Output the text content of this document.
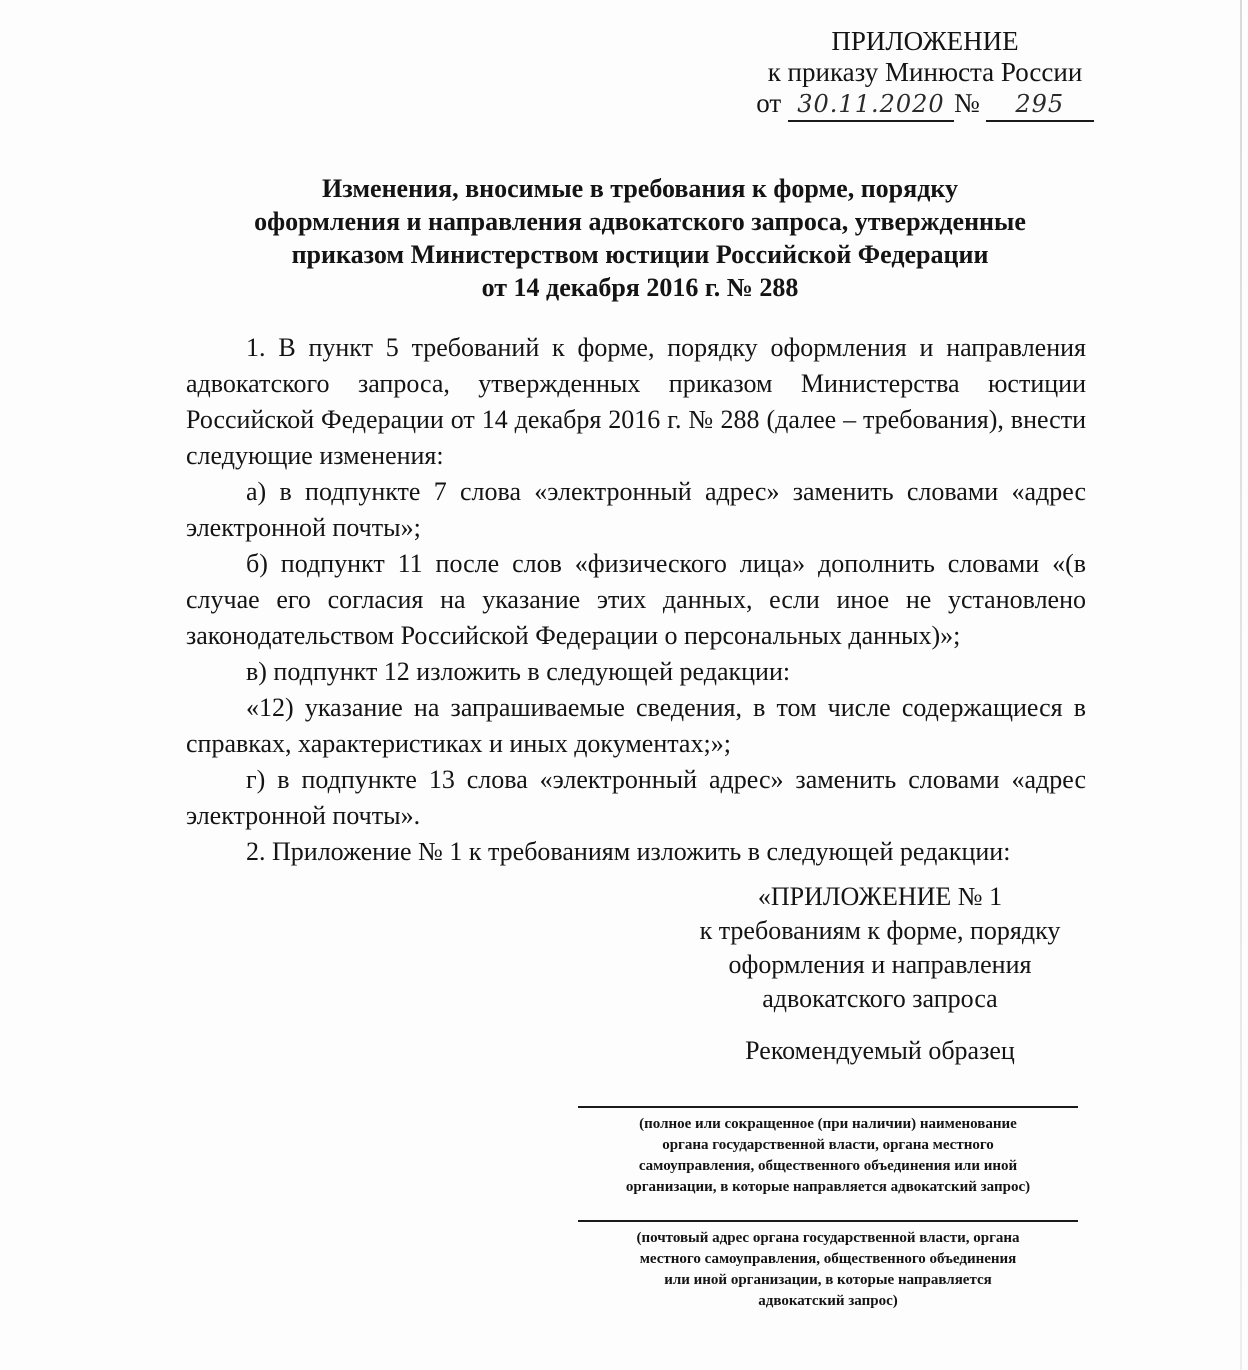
ПРИЛОЖЕНИЕ
к приказу Минюста России
от 30.11.2020 № 295
Изменения, вносимые в требования к форме, порядку
оформления и направления адвокатского запроса, утвержденные
приказом Министерством юстиции Российской Федерации
от 14 декабря 2016 г. № 288

1. В пункт 5 требований к форме, порядку оформления и направления адвокатского запроса, утвержденных приказом Министерства юстиции Российской Федерации от 14 декабря 2016 г. № 288 (далее – требования), внести следующие изменения:

а) в подпункте 7 слова «электронный адрес» заменить словами «адрес электронной почты»;

б) подпункт 11 после слов «физического лица» дополнить словами «(в случае его согласия на указание этих данных, если иное не установлено законодательством Российской Федерации о персональных данных)»;

в) подпункт 12 изложить в следующей редакции:

«12) указание на запрашиваемые сведения, в том числе содержащиеся в справках, характеристиках и иных документах;»;

г) в подпункте 13 слова «электронный адрес» заменить словами «адрес электронной почты».

2. Приложение № 1 к требованиям изложить в следующей редакции:

«ПРИЛОЖЕНИЕ № 1
к требованиям к форме, порядку
оформления и направления
адвокатского запроса
Рекомендуемый образец
(полное или сокращенное (при наличии) наименование
органа государственной власти, органа местного
самоуправления, общественного объединения или иной
организации, в которые направляется адвокатский запрос)
(почтовый адрес органа государственной власти, органа
местного самоуправления, общественного объединения
или иной организации, в которые направляется
адвокатский запрос)
